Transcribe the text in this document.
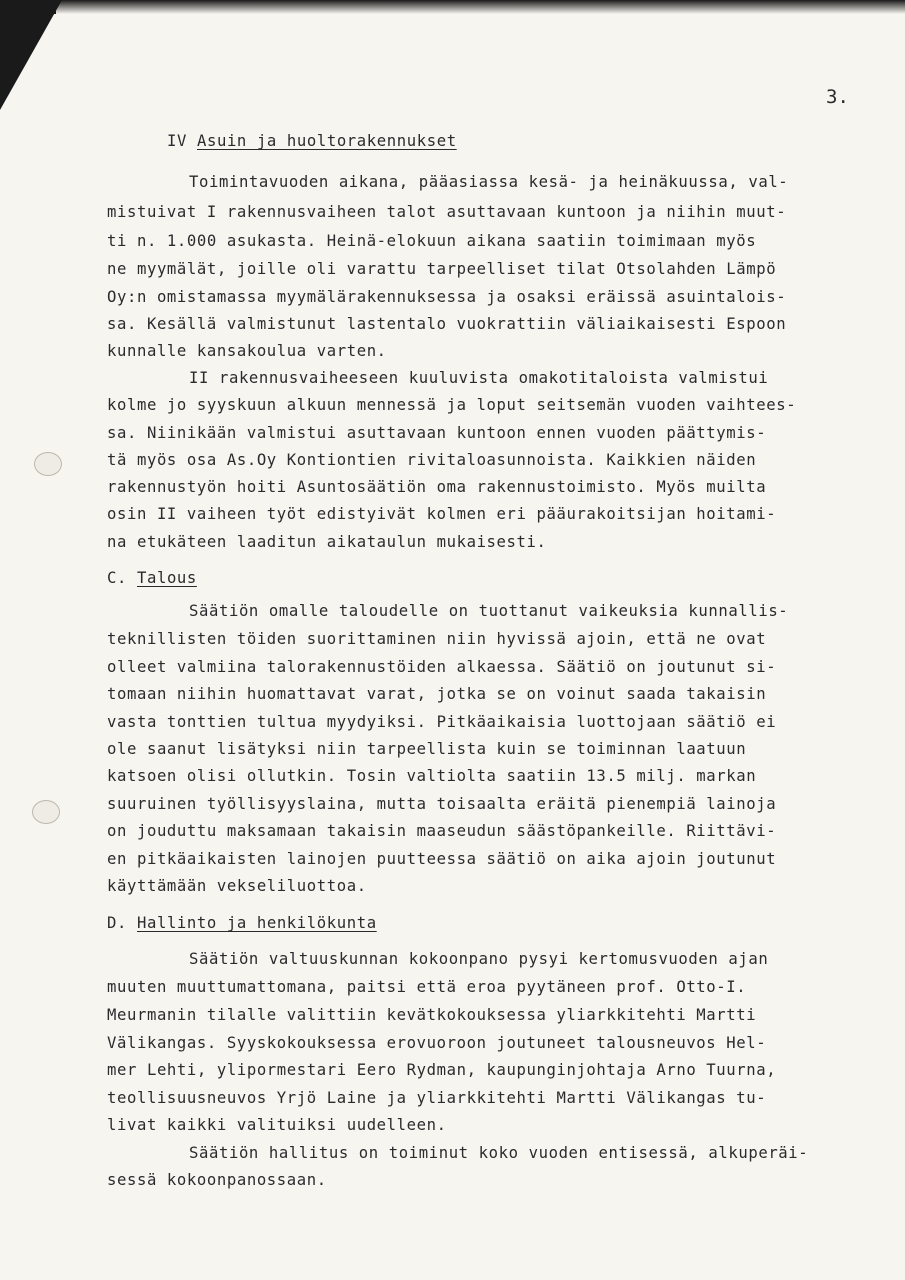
3.
IV Asuin ja huoltorakennukset
Toimintavuoden aikana, pääasiassa kesä- ja heinäkuussa, val-
mistuivat I rakennusvaiheen talot asuttavaan kuntoon ja niihin muut-
ti n. 1.000 asukasta. Heinä-elokuun aikana saatiin toimimaan myös
ne myymälät, joille oli varattu tarpeelliset tilat Otsolahden Lämpö
Oy:n omistamassa myymälärakennuksessa ja osaksi eräissä asuintalois-
sa. Kesällä valmistunut lastentalo vuokrattiin väliaikaisesti Espoon
kunnalle kansakoulua varten.
II rakennusvaiheeseen kuuluvista omakotitaloista valmistui
kolme jo syyskuun alkuun mennessä ja loput seitsemän vuoden vaihtees-
sa. Niinikään valmistui asuttavaan kuntoon ennen vuoden päättymis-
tä myös osa As.Oy Kontiontien rivitaloasunnoista. Kaikkien näiden
rakennustyön hoiti Asuntosäätiön oma rakennustoimisto. Myös muilta
osin II vaiheen työt edistyivät kolmen eri pääurakoitsijan hoitami-
na etukäteen laaditun aikataulun mukaisesti.
C. Talous
Säätiön omalle taloudelle on tuottanut vaikeuksia kunnallis-
teknillisten töiden suorittaminen niin hyvissä ajoin, että ne ovat
olleet valmiina talorakennustöiden alkaessa. Säätiö on joutunut si-
tomaan niihin huomattavat varat, jotka se on voinut saada takaisin
vasta tonttien tultua myydyiksi. Pitkäaikaisia luottojaan säätiö ei
ole saanut lisätyksi niin tarpeellista kuin se toiminnan laatuun
katsoen olisi ollutkin. Tosin valtiolta saatiin 13.5 milj. markan
suuruinen työllisyyslaina, mutta toisaalta eräitä pienempiä lainoja
on jouduttu maksamaan takaisin maaseudun säästöpankeille. Riittävi-
en pitkäaikaisten lainojen puutteessa säätiö on aika ajoin joutunut
käyttämään vekseliluottoa.
D. Hallinto ja henkilökunta
Säätiön valtuuskunnan kokoonpano pysyi kertomusvuoden ajan
muuten muuttumattomana, paitsi että eroa pyytäneen prof. Otto-I.
Meurmanin tilalle valittiin kevätkokouksessa yliarkkitehti Martti
Välikangas. Syyskokouksessa erovuoroon joutuneet talousneuvos Hel-
mer Lehti, ylipormestari Eero Rydman, kaupunginjohtaja Arno Tuurna,
teollisuusneuvos Yrjö Laine ja yliarkkitehti Martti Välikangas tu-
livat kaikki valituiksi uudelleen.
Säätiön hallitus on toiminut koko vuoden entisessä, alkuperäi-
sessä kokoonpanossaan.
